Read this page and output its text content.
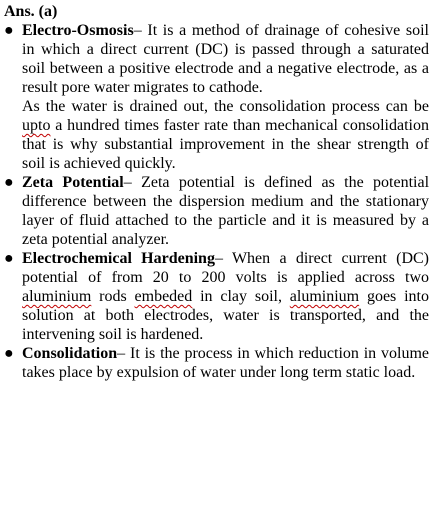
Ans. (a)
● Electro-Osmosis– It is a method of drainage of cohesive soil in which a direct current (DC) is passed through a saturated soil between a positive electrode and a negative electrode, as a result pore water migrates to cathode.

As the water is drained out, the consolidation process can be upto a hundred times faster rate than mechanical consolidation that is why substantial improvement in the shear strength of soil is achieved quickly.

● Zeta Potential– Zeta potential is defined as the potential difference between the dispersion medium and the stationary layer of fluid attached to the particle and it is measured by a zeta potential analyzer.

● Electrochemical Hardening– When a direct current (DC) potential of from 20 to 200 volts is applied across two aluminium rods embeded in clay soil, aluminium goes into solution at both electrodes, water is transported, and the intervening soil is hardened.

● Consolidation– It is the process in which reduction in volume takes place by expulsion of water under long term static load.
